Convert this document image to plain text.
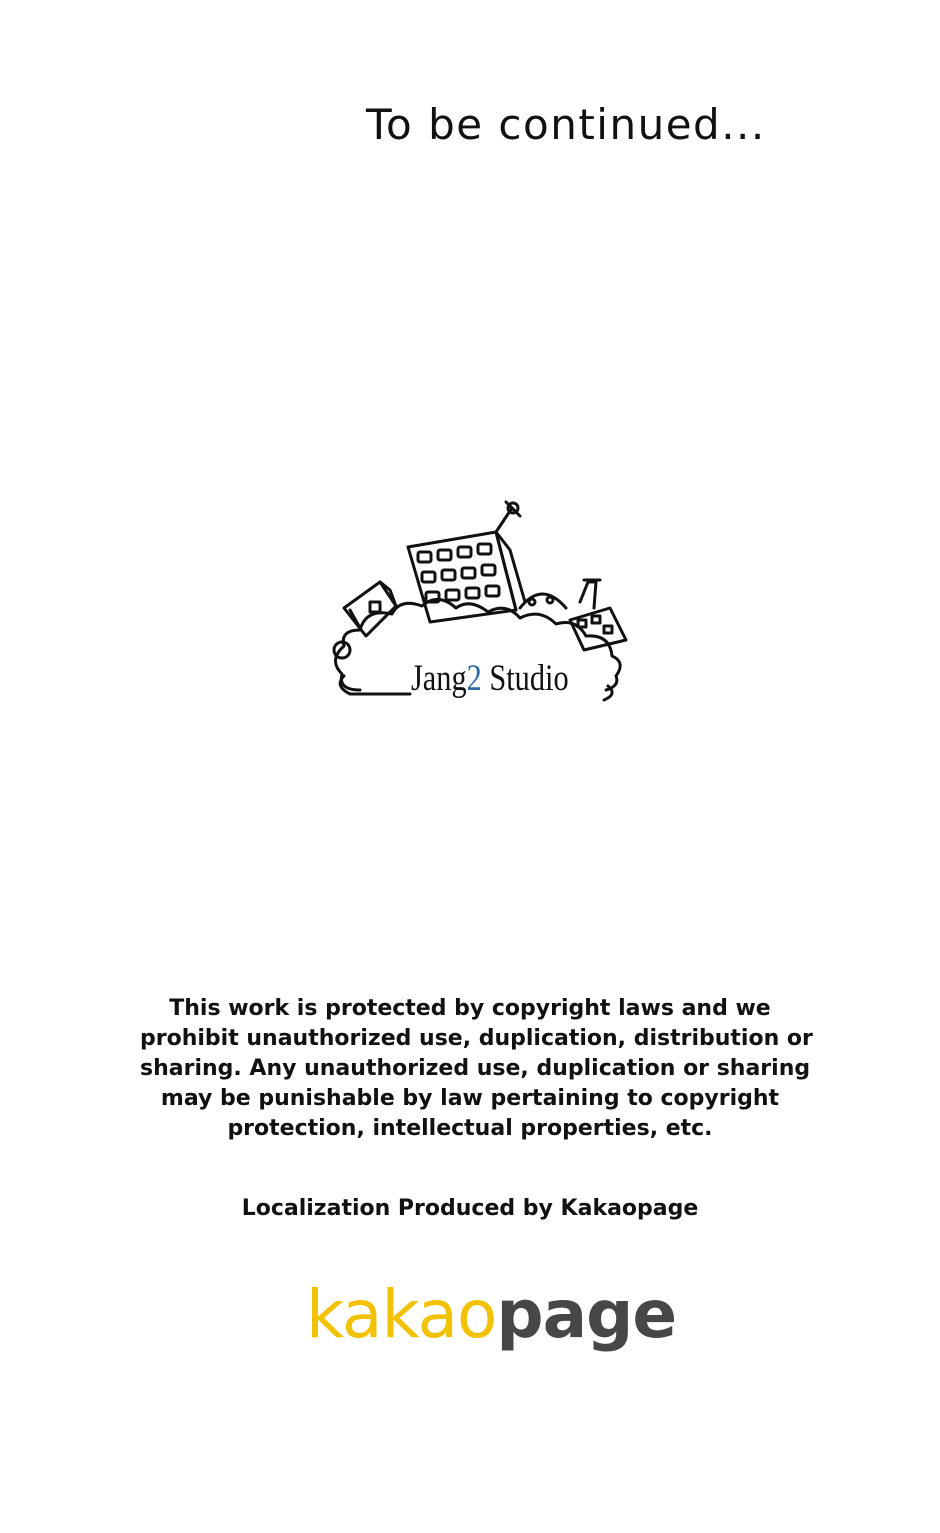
To be continued...
Jang2 Studio
This work is protected by copyright laws and we
prohibit unauthorized use, duplication, distribution or
sharing. Any unauthorized use, duplication or sharing
may be punishable by law pertaining to copyright
protection, intellectual properties, etc.
Localization Produced by Kakaopage
kakaopage
